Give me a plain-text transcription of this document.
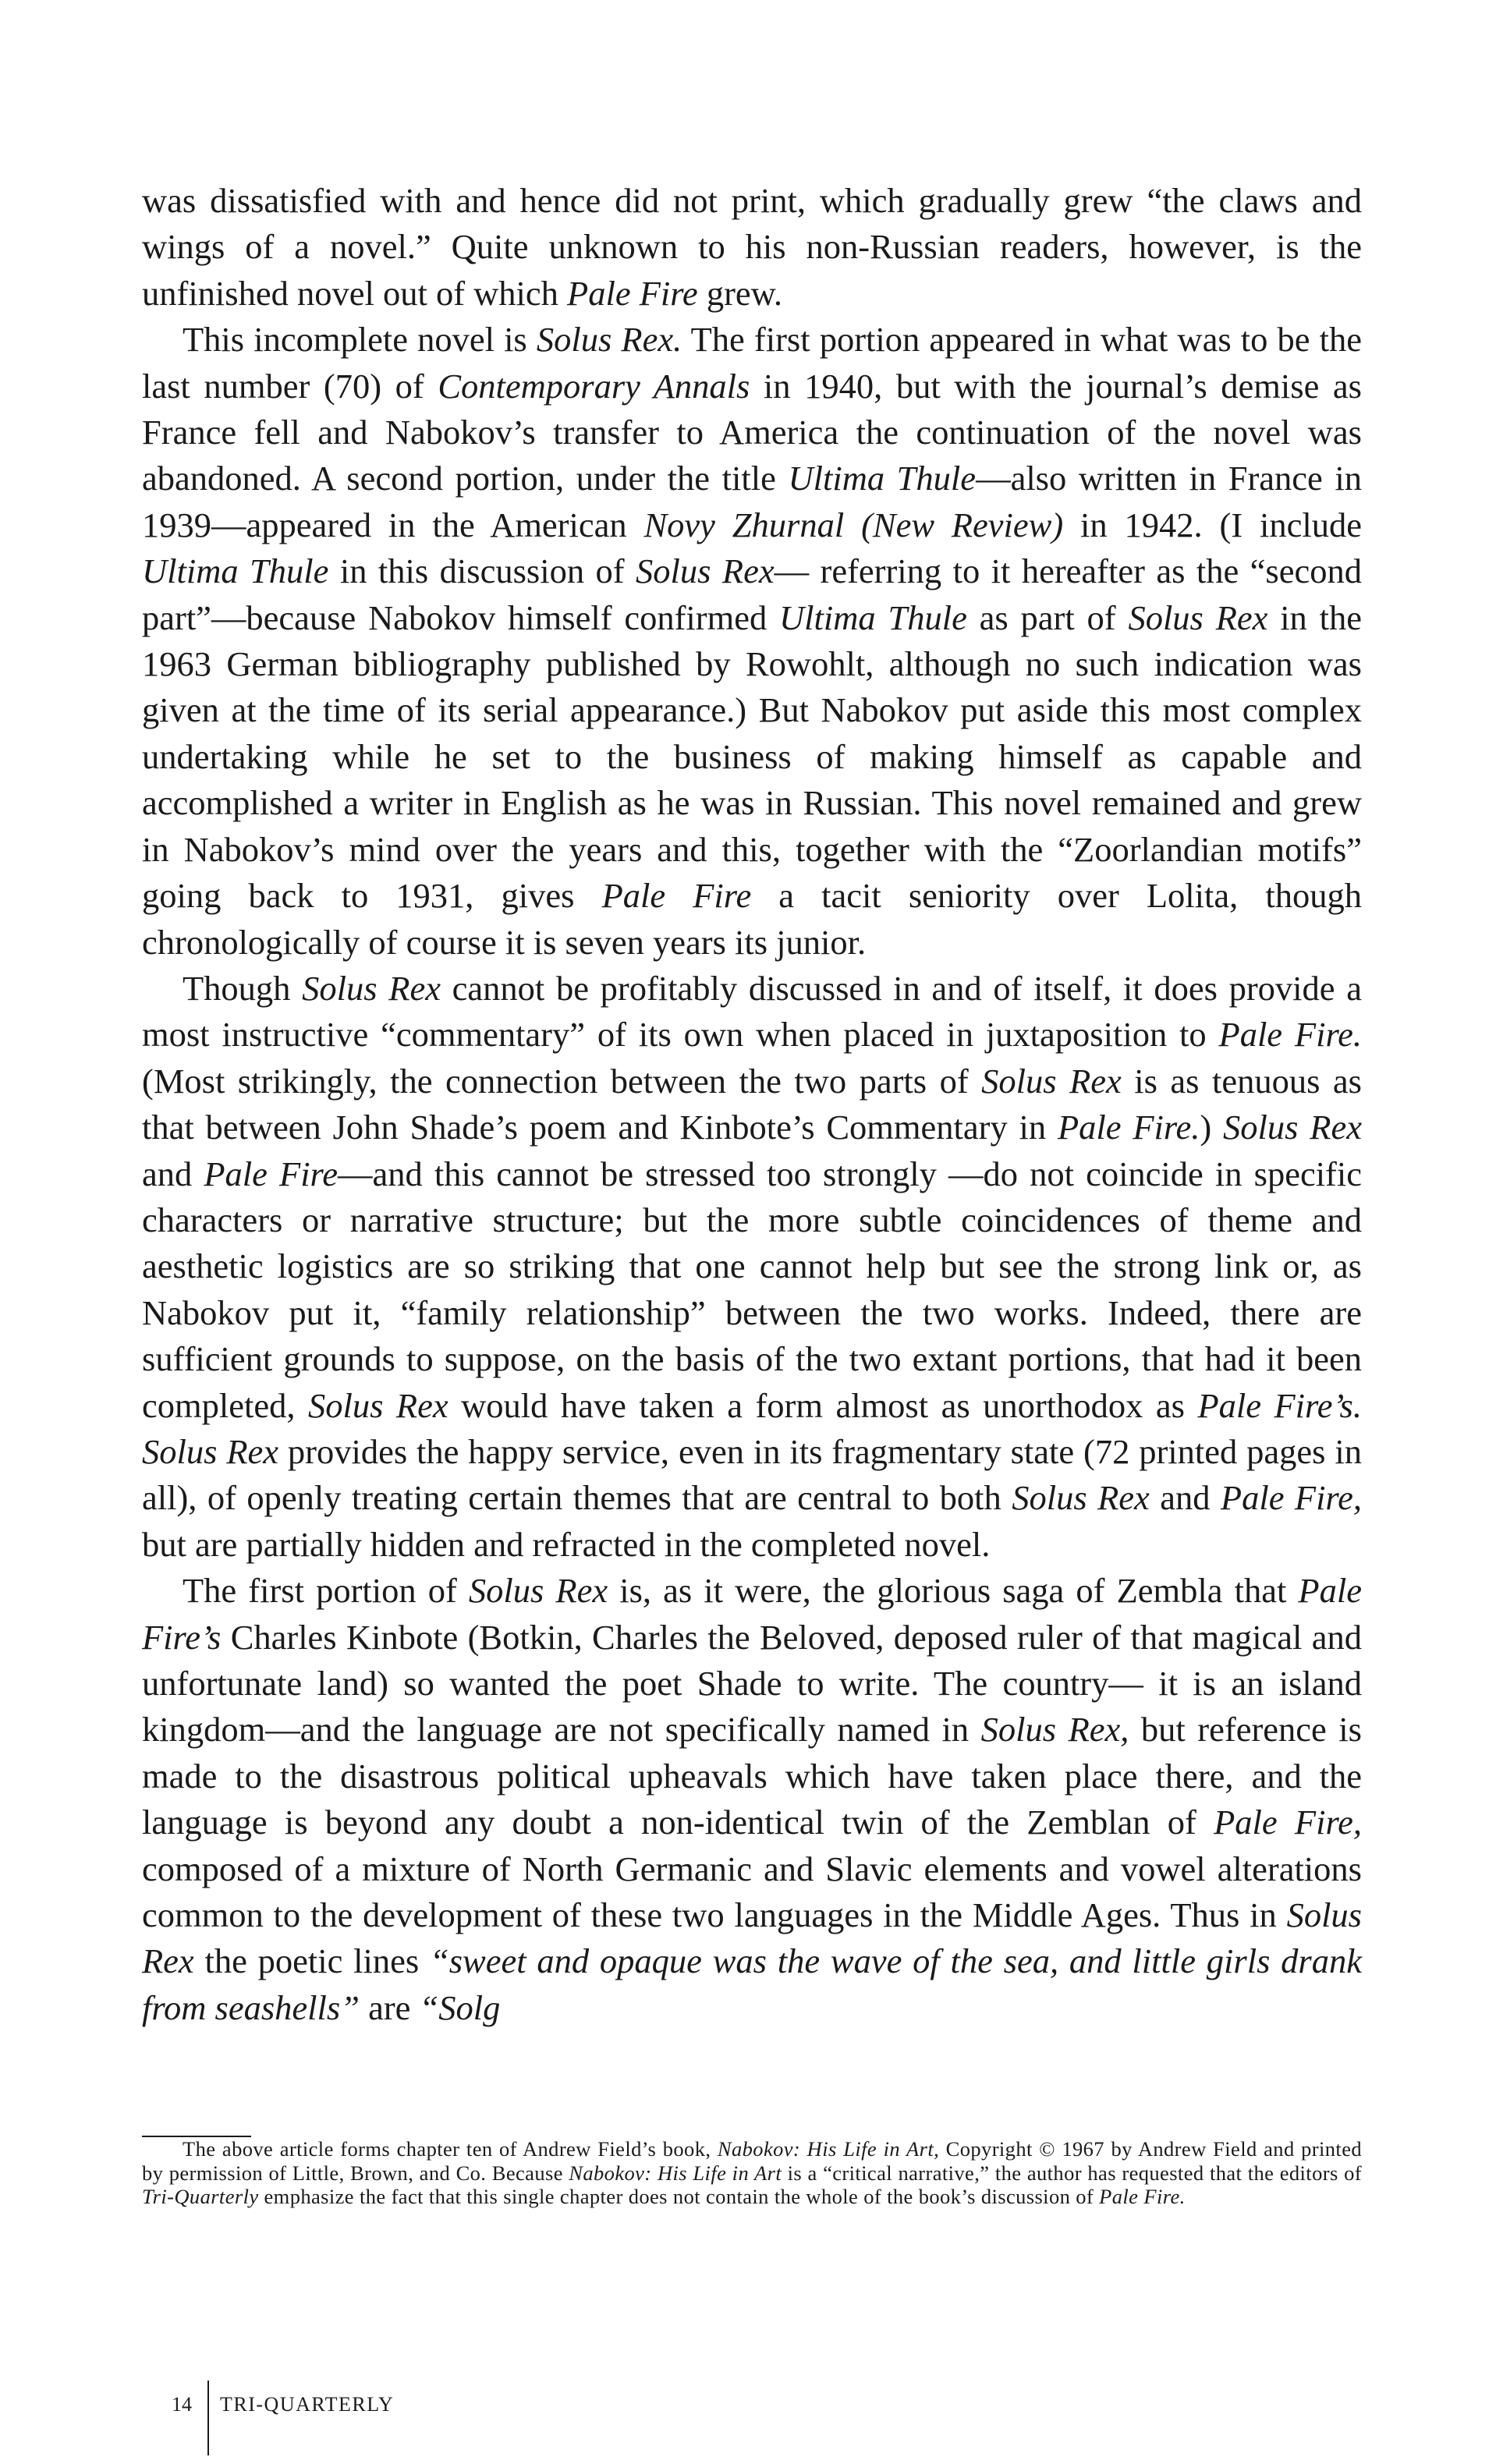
was dissatisfied with and hence did not print, which gradually grew “the claws and wings of a novel.” Quite unknown to his non-Russian readers, however, is the unfinished novel out of which Pale Fire grew.

This incomplete novel is Solus Rex. The first portion appeared in what was to be the last number (70) of Contemporary Annals in 1940, but with the journal’s demise as France fell and Nabokov’s transfer to America the continuation of the novel was abandoned. A second portion, under the title Ultima Thule—also written in France in 1939—appeared in the American Novy Zhurnal (New Review) in 1942. (I include Ultima Thule in this discussion of Solus Rex— referring to it hereafter as the “second part”—because Nabokov himself confirmed Ultima Thule as part of Solus Rex in the 1963 German bibliography published by Rowohlt, although no such indication was given at the time of its serial appearance.) But Nabokov put aside this most complex undertaking while he set to the business of making himself as capable and accomplished a writer in English as he was in Russian. This novel remained and grew in Nabokov’s mind over the years and this, together with the “Zoorlandian motifs” going back to 1931, gives Pale Fire a tacit seniority over Lolita, though chronologically of course it is seven years its junior.

Though Solus Rex cannot be profitably discussed in and of itself, it does provide a most instructive “commentary” of its own when placed in juxtaposition to Pale Fire. (Most strikingly, the connection between the two parts of Solus Rex is as tenuous as that between John Shade’s poem and Kinbote’s Commentary in Pale Fire.) Solus Rex and Pale Fire—and this cannot be stressed too strongly —do not coincide in specific characters or narrative structure; but the more subtle coincidences of theme and aesthetic logistics are so striking that one cannot help but see the strong link or, as Nabokov put it, “family relationship” between the two works. Indeed, there are sufficient grounds to suppose, on the basis of the two extant portions, that had it been completed, Solus Rex would have taken a form almost as unorthodox as Pale Fire’s. Solus Rex provides the happy service, even in its fragmentary state (72 printed pages in all), of openly treating certain themes that are central to both Solus Rex and Pale Fire, but are partially hidden and refracted in the completed novel.

The first portion of Solus Rex is, as it were, the glorious saga of Zembla that Pale Fire’s Charles Kinbote (Botkin, Charles the Beloved, deposed ruler of that magical and unfortunate land) so wanted the poet Shade to write. The country— it is an island kingdom—and the language are not specifically named in Solus Rex, but reference is made to the disastrous political upheavals which have taken place there, and the language is beyond any doubt a non-identical twin of the Zemblan of Pale Fire, composed of a mixture of North Germanic and Slavic elements and vowel alterations common to the development of these two languages in the Middle Ages. Thus in Solus Rex the poetic lines “sweet and opaque was the wave of the sea, and little girls drank from seashells” are “Solg

The above article forms chapter ten of Andrew Field’s book, Nabokov: His Life in Art, Copyright © 1967 by Andrew Field and printed by permission of Little, Brown, and Co. Because Nabokov: His Life in Art is a “critical narrative,” the author has requested that the editors of Tri-Quarterly emphasize the fact that this single chapter does not contain the whole of the book’s discussion of Pale Fire.
14	TRI-QUARTERLY
